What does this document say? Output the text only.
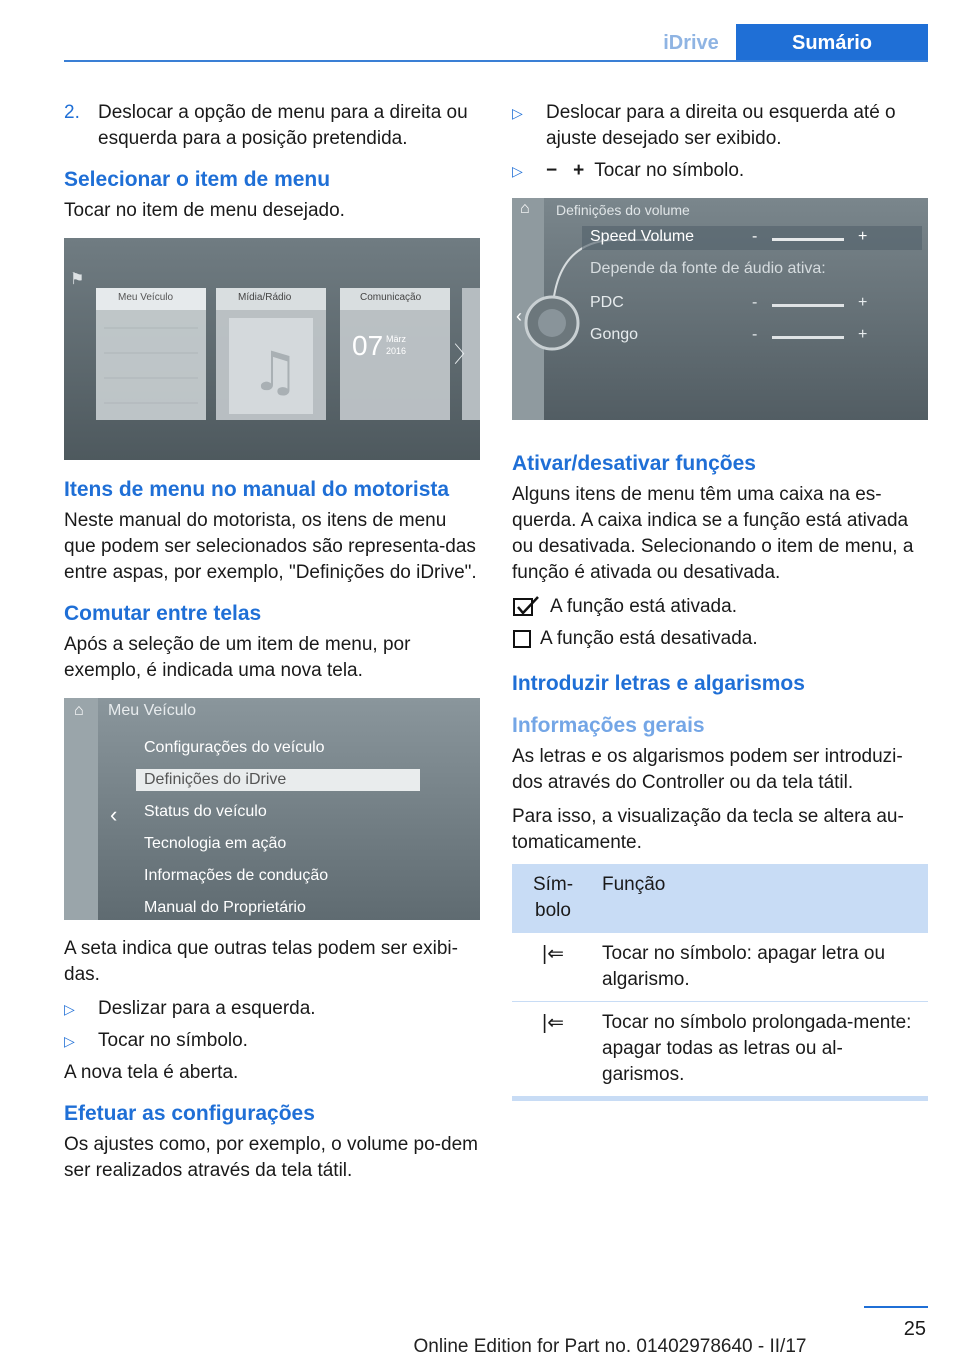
iDrive	Sumário
2. Deslocar a opção de menu para a direita ou esquerda para a posição pretendida.
Selecionar o item de menu

Tocar no item de menu desejado.

♫	〉
⚑
Meu Veículo	Mídia/Rádio	Comunicação
07 März
2016
Itens de menu no manual do motorista

Neste manual do motorista, os itens de menu que podem ser selecionados são representa-das entre aspas, por exemplo, "Definições do iDrive".

Comutar entre telas

Após a seleção de um item de menu, por exemplo, é indicada uma nova tela.

⌂
‹
Meu Veículo
Configurações do veículo
Definições do iDrive
Status do veículo
Tecnologia em ação
Informações de condução
Manual do Proprietário

A seta indica que outras telas podem ser exibi-das.

▷	Deslizar para a esquerda.
▷	Tocar no símbolo.

A nova tela é aberta.

Efetuar as configurações

Os ajustes como, por exemplo, o volume po-dem ser realizados através da tela tátil.

▷	Deslocar para a direita ou esquerda até o ajuste desejado ser exibido.
▷	− + Tocar no símbolo.
⌂ Definições do volume
‹
Speed Volume	-	+
Depende da fonte de áudio ativa:
PDC	-	+
Gongo	-	+
Ativar/desativar funções

Alguns itens de menu têm uma caixa na es-querda. A caixa indica se a função está ativada ou desativada. Selecionando o item de menu, a função é ativada ou desativada.

A função está ativada.
A função está desativada.
Introduzir letras e algarismos
Informações gerais

As letras e os algarismos podem ser introduzi-dos através do Controller ou da tela tátil.

Para isso, a visualização da tecla se altera au-tomaticamente.

Sím-
bolo	Função
|⇐	Tocar no símbolo: apagar letra ou algarismo.
|⇐	Tocar no símbolo prolongada-mente: apagar todas as letras ou al-garismos.
25
Online Edition for Part no. 01402978640 - II/17
